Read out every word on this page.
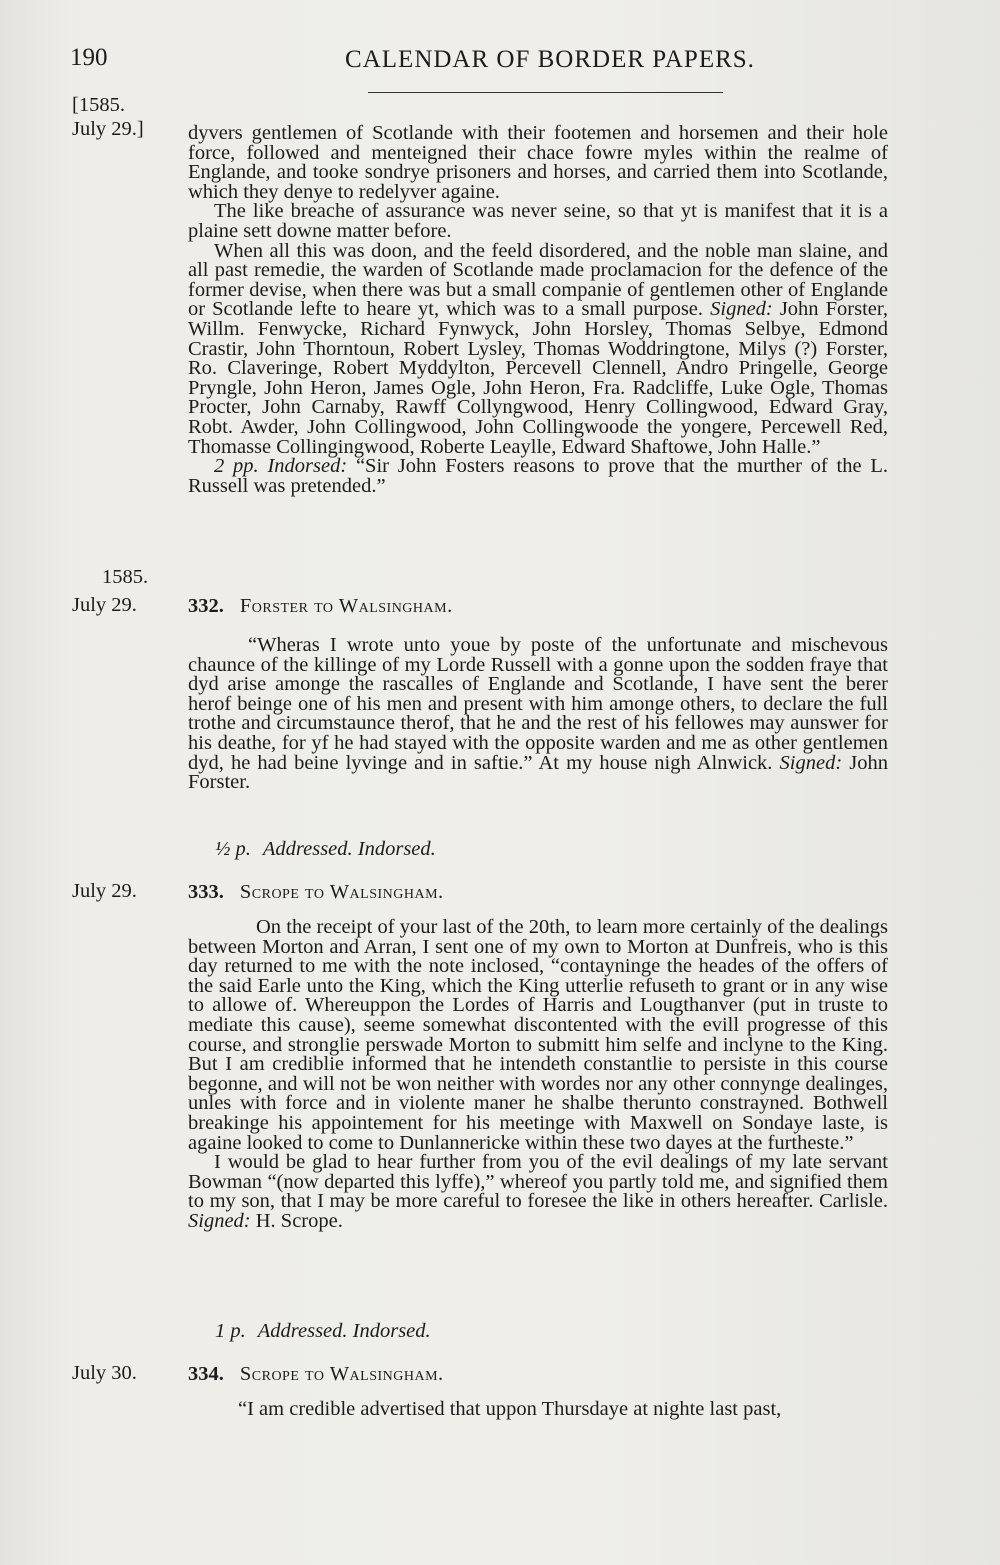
190	CALENDAR OF BORDER PAPERS.
[1585.
July 29.] dyvers gentlemen of Scotlande with their footemen and horsemen and their hole force, followed and menteigned their chace fowre myles within the realme of Englande, and tooke sondrye prisoners and horses, and carried them into Scotlande, which they denye to redelyver againe.

The like breache of assurance was never seine, so that yt is manifest that it is a plaine sett downe matter before.

When all this was doon, and the feeld disordered, and the noble man slaine, and all past remedie, the warden of Scotlande made proclamacion for the defence of the former devise, when there was but a small companie of gentlemen other of Englande or Scotlande lefte to heare yt, which was to a small purpose. Signed: John Forster, Willm. Fenwycke, Richard Fynwyck, John Horsley, Thomas Selbye, Edmond Crastir, John Thorntoun, Robert Lysley, Thomas Woddringtone, Milys (?) Forster, Ro. Claveringe, Robert Myddylton, Percevell Clennell, Andro Pringelle, George Pryngle, John Heron, James Ogle, John Heron, Fra. Radcliffe, Luke Ogle, Thomas Procter, John Carnaby, Rawff Collyngwood, Henry Collingwood, Edward Gray, Robt. Awder, John Collingwood, John Collingwoode the yongere, Percewell Red, Thomasse Collingingwood, Roberte Leaylle, Edward Shaftowe, John Halle.”

2 pp. Indorsed: “Sir John Fosters reasons to prove that the murther of the L. Russell was pretended.”

1585.
July 29. 332. Forster to Walsingham.

“Wheras I wrote unto youe by poste of the unfortunate and mischevous chaunce of the killinge of my Lorde Russell with a gonne upon the sodden fraye that dyd arise amonge the rascalles of Englande and Scotlande, I have sent the berer herof beinge one of his men and present with him amonge others, to declare the full trothe and circumstaunce therof, that he and the rest of his fellowes may aunswer for his deathe, for yf he had stayed with the opposite warden and me as other gentlemen dyd, he had beine lyvinge and in saftie.” At my house nigh Alnwick. Signed: John Forster.

½ p. Addressed. Indorsed.
July 29. 333. Scrope to Walsingham.

On the receipt of your last of the 20th, to learn more certainly of the dealings between Morton and Arran, I sent one of my own to Morton at Dunfreis, who is this day returned to me with the note inclosed, “contayninge the heades of the offers of the said Earle unto the King, which the King utterlie refuseth to grant or in any wise to allowe of. Whereuppon the Lordes of Harris and Lougthanver (put in truste to mediate this cause), seeme somewhat discontented with the evill progresse of this course, and stronglie perswade Morton to submitt him selfe and inclyne to the King. But I am crediblie informed that he intendeth constantlie to persiste in this course begonne, and will not be won neither with wordes nor any other connynge dealinges, unles with force and in violente maner he shalbe therunto constrayned. Bothwell breakinge his appointement for his meetinge with Maxwell on Sondaye laste, is againe looked to come to Dunlannericke within these two dayes at the furtheste.”

I would be glad to hear further from you of the evil dealings of my late servant Bowman “(now departed this lyffe),” whereof you partly told me, and signified them to my son, that I may be more careful to foresee the like in others hereafter. Carlisle. Signed: H. Scrope.

1 p. Addressed. Indorsed.
July 30. 334. Scrope to Walsingham.

“I am credible advertised that uppon Thursdaye at nighte last past,
